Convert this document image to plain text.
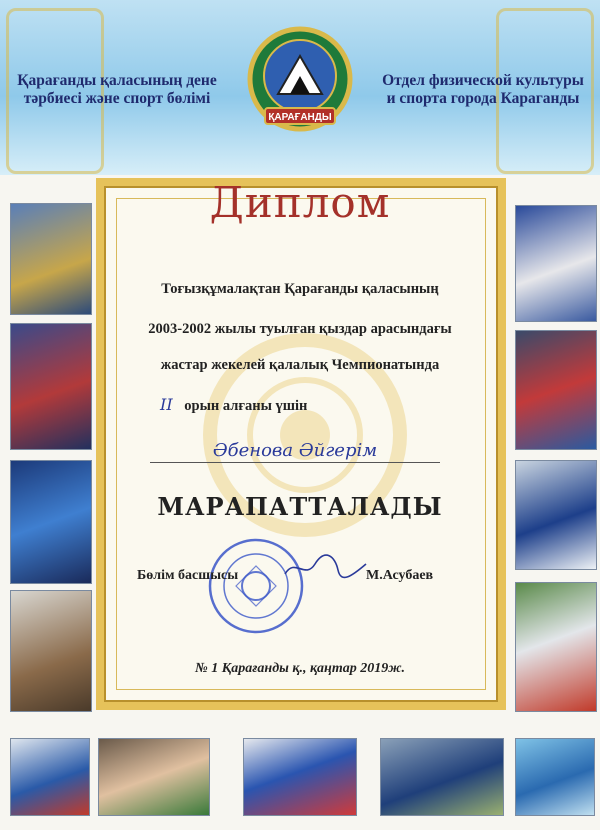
Қарағанды қаласының дене тәрбиесі және спорт бөлімі
Отдел физической культуры и спорта города Караганды
ҚАРАҒАНДЫ
Диплом
Тоғызқұмалақтан Қарағанды қаласының
2003-2002 жылы туылған қыздар арасындағы
жастар жекелей қалалық Чемпионатында
II орын алғаны үшін
Әбенова Әйгерім
МАРАПАТТАЛАДЫ
Бөлім басшысы	М.Асубаев
№ 1 Қарағанды қ., қаңтар 2019ж.
